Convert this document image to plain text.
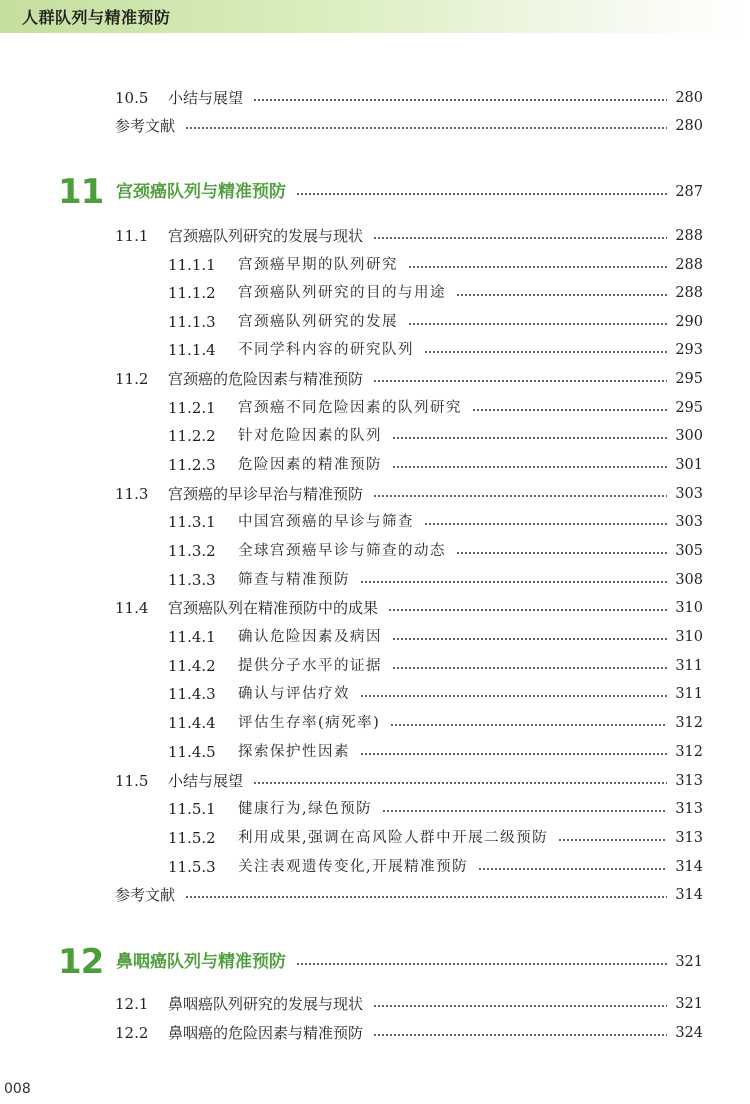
人群队列与精准预防
10.5	小结与展望	280
参考文献	280
11 宫颈癌队列与精准预防	287
11.1	宫颈癌队列研究的发展与现状	288
11.1.1	宫颈癌早期的队列研究	288
11.1.2	宫颈癌队列研究的目的与用途	288
11.1.3	宫颈癌队列研究的发展	290
11.1.4	不同学科内容的研究队列	293
11.2	宫颈癌的危险因素与精准预防	295
11.2.1	宫颈癌不同危险因素的队列研究	295
11.2.2	针对危险因素的队列	300
11.2.3	危险因素的精准预防	301
11.3	宫颈癌的早诊早治与精准预防	303
11.3.1	中国宫颈癌的早诊与筛查	303
11.3.2	全球宫颈癌早诊与筛查的动态	305
11.3.3	筛查与精准预防	308
11.4	宫颈癌队列在精准预防中的成果	310
11.4.1	确认危险因素及病因	310
11.4.2	提供分子水平的证据	311
11.4.3	确认与评估疗效	311
11.4.4	评估生存率(病死率)	312
11.4.5	探索保护性因素	312
11.5	小结与展望	313
11.5.1	健康行为,绿色预防	313
11.5.2	利用成果,强调在高风险人群中开展二级预防	313
11.5.3	关注表观遗传变化,开展精准预防	314
参考文献	314
12 鼻咽癌队列与精准预防	321
12.1	鼻咽癌队列研究的发展与现状	321
12.2	鼻咽癌的危险因素与精准预防	324
008
